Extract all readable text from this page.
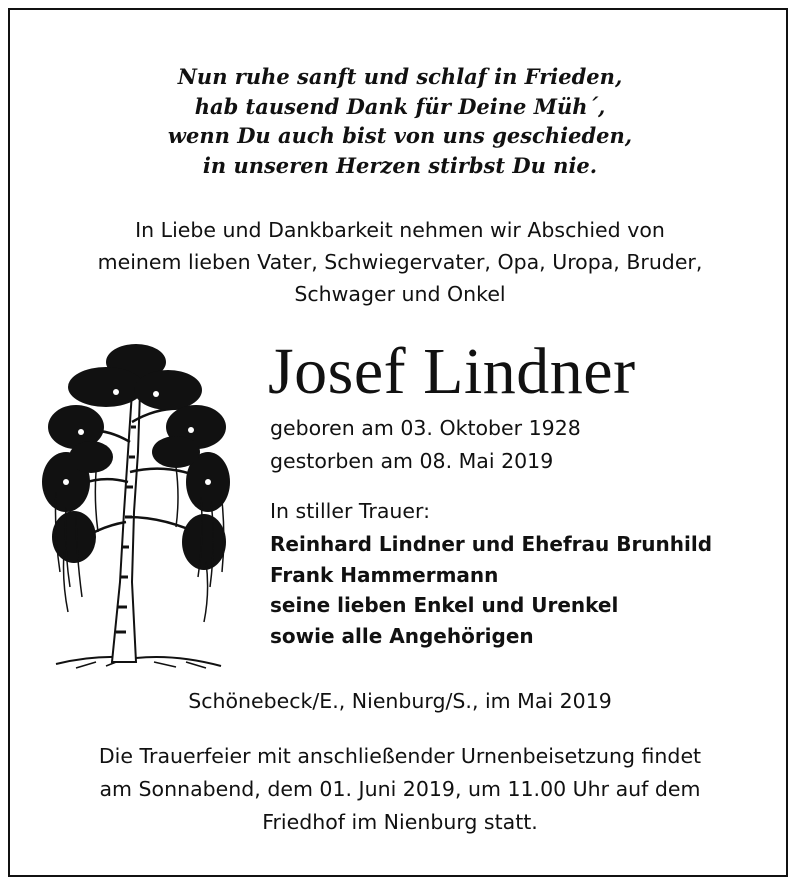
Nun ruhe sanft und schlaf in Frieden,
hab tausend Dank für Deine Müh´,
wenn Du auch bist von uns geschieden,
in unseren Herzen stirbst Du nie.
In Liebe und Dankbarkeit nehmen wir Abschied von
meinem lieben Vater, Schwiegervater, Opa, Uropa, Bruder,
Schwager und Onkel
Josef Lindner
geboren am 03. Oktober 1928
gestorben am 08. Mai 2019
In stiller Trauer:
Reinhard Lindner und Ehefrau Brunhild
Frank Hammermann
seine lieben Enkel und Urenkel
sowie alle Angehörigen
Schönebeck/E., Nienburg/S., im Mai 2019
Die Trauerfeier mit anschließender Urnenbeisetzung findet
am Sonnabend, dem 01. Juni 2019, um 11.00 Uhr auf dem
Friedhof im Nienburg statt.
